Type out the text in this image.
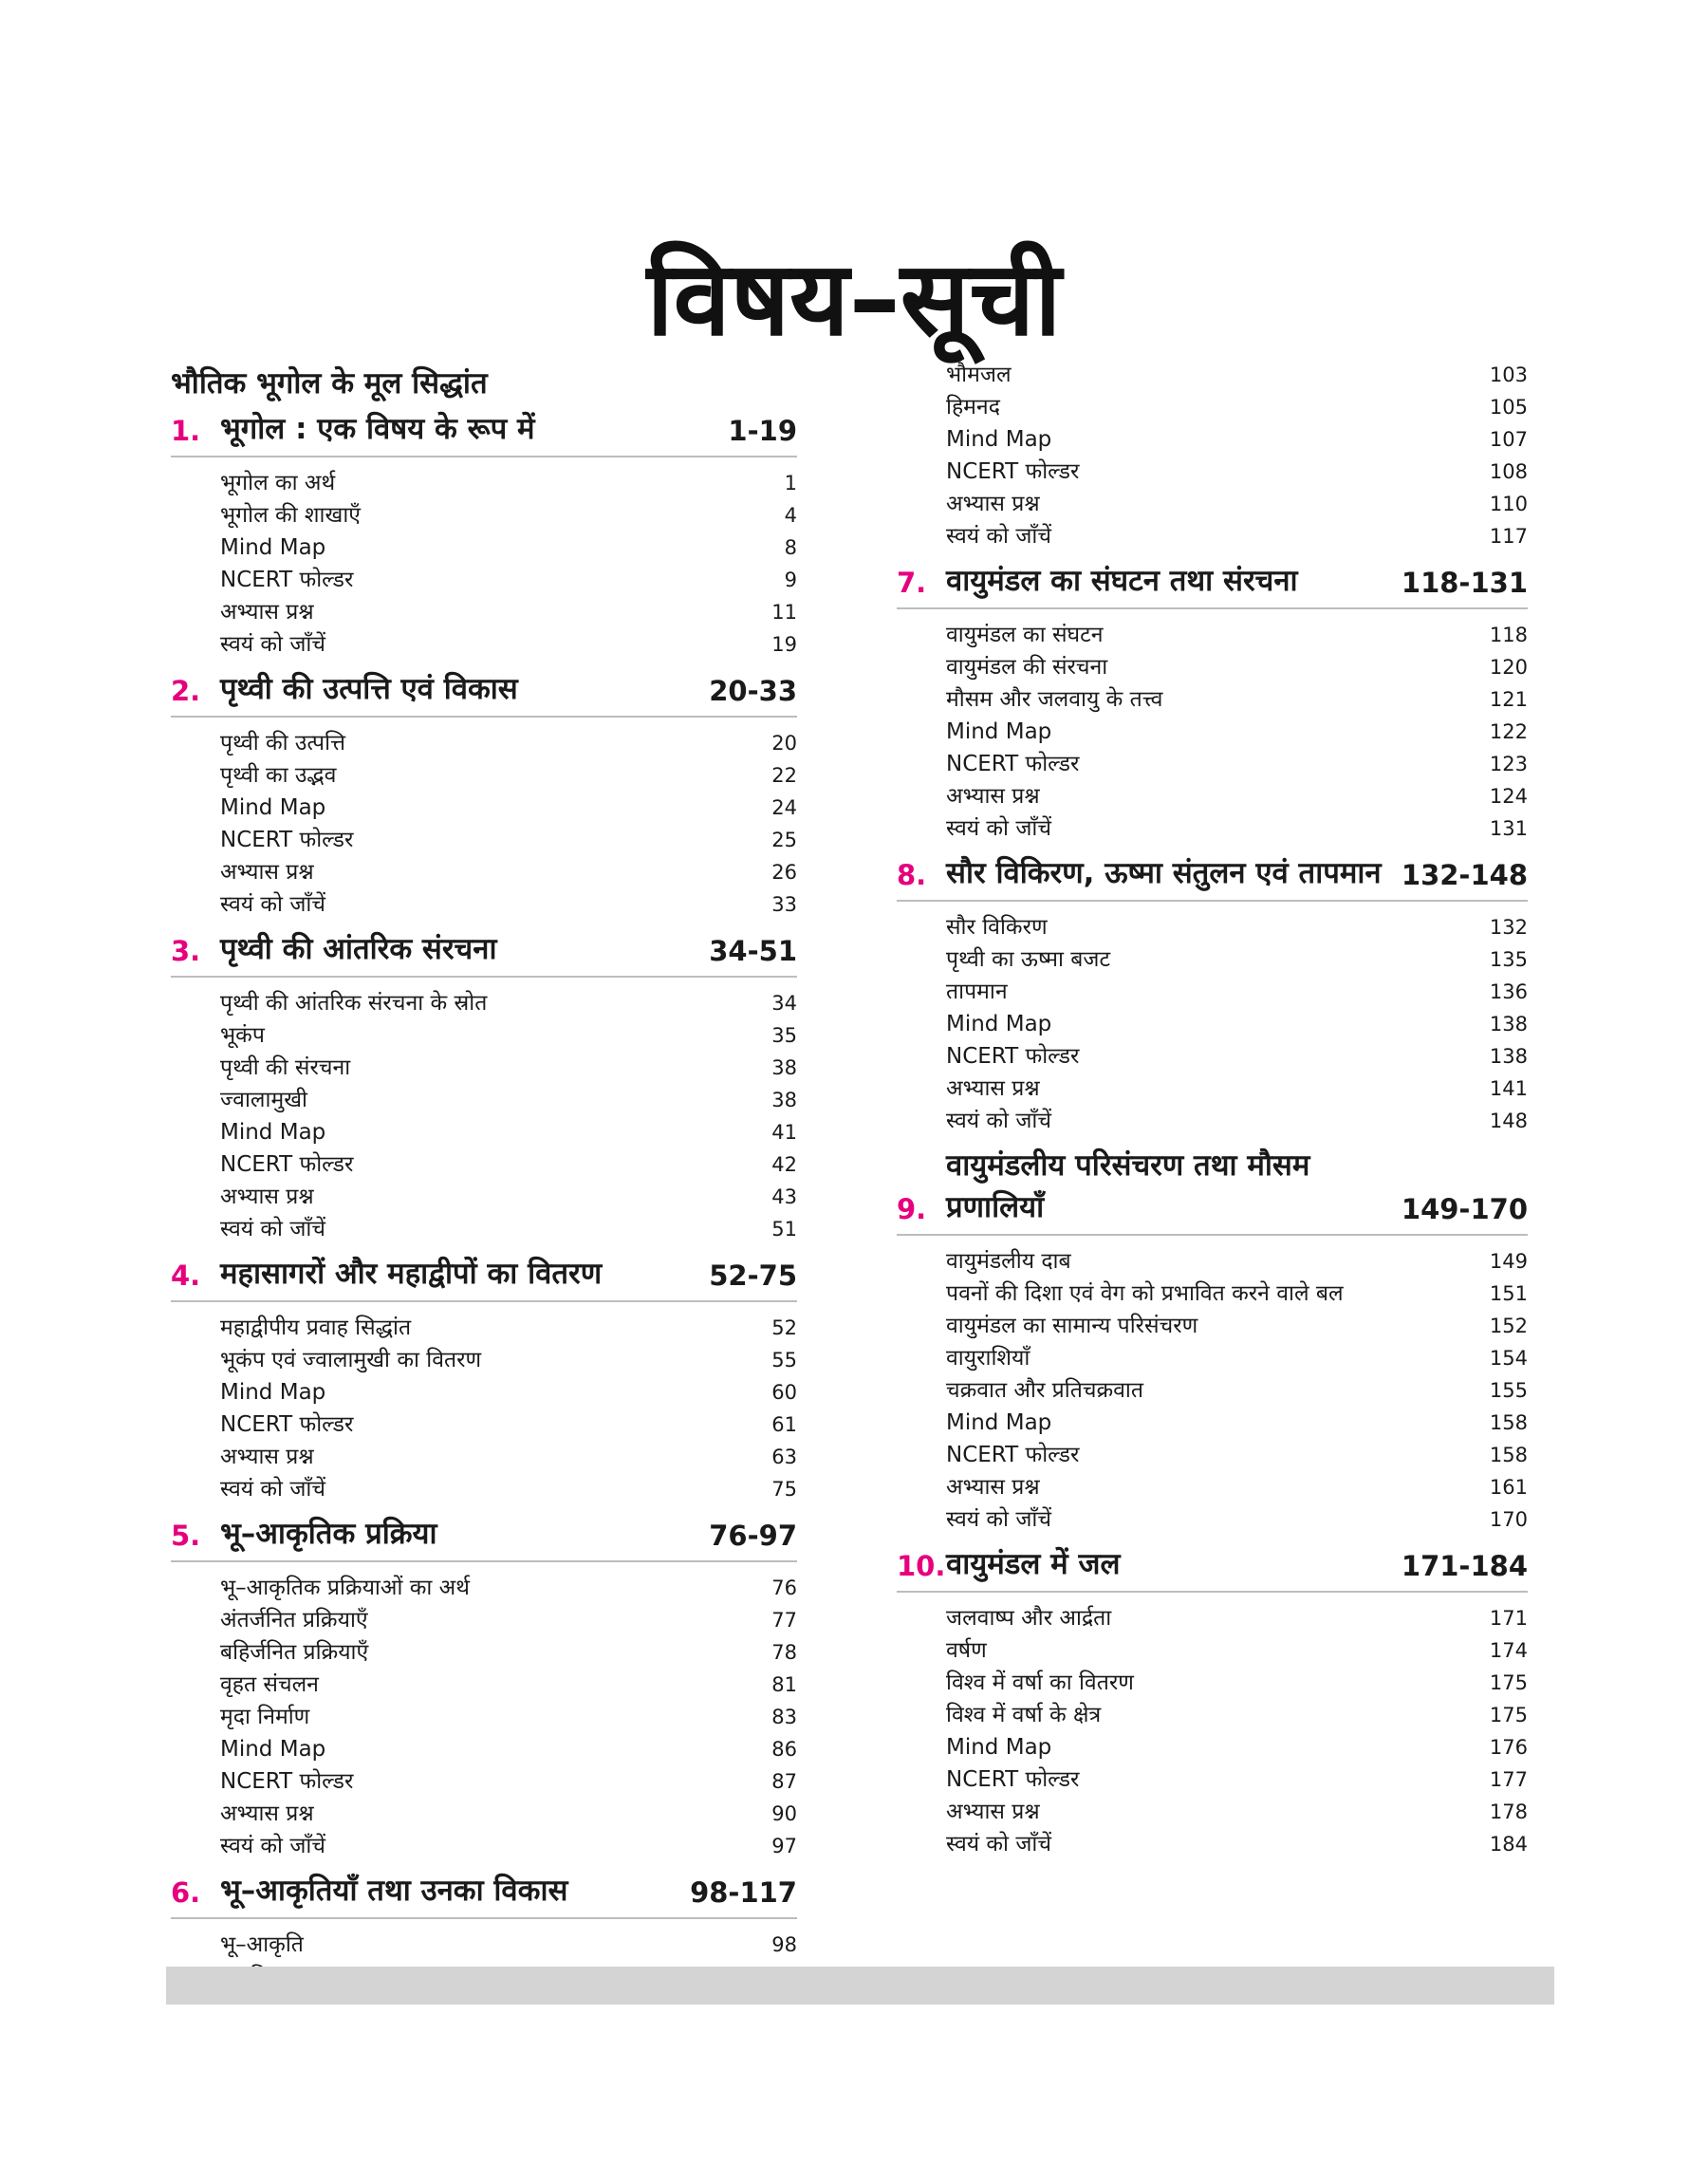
विषय–सूची
भौतिक भूगोल के मूल सिद्धांत
1. भूगोल : एक विषय के रूप में	1-19
भूगोल का अर्थ	1
भूगोल की शाखाएँ	4
Mind Map	8
NCERT फोल्डर	9
अभ्यास प्रश्न	11
स्वयं को जाँचें	19
2. पृथ्वी की उत्पत्ति एवं विकास	20-33
पृथ्वी की उत्पत्ति	20
पृथ्वी का उद्भव	22
Mind Map	24
NCERT फोल्डर	25
अभ्यास प्रश्न	26
स्वयं को जाँचें	33
3. पृथ्वी की आंतरिक संरचना	34-51
पृथ्वी की आंतरिक संरचना के स्रोत	34
भूकंप	35
पृथ्वी की संरचना	38
ज्वालामुखी	38
Mind Map	41
NCERT फोल्डर	42
अभ्यास प्रश्न	43
स्वयं को जाँचें	51
4. महासागरों और महाद्वीपों का वितरण	52-75
महाद्वीपीय प्रवाह सिद्धांत	52
भूकंप एवं ज्वालामुखी का वितरण	55
Mind Map	60
NCERT फोल्डर	61
अभ्यास प्रश्न	63
स्वयं को जाँचें	75
5. भू–आकृतिक प्रक्रिया	76-97
भू–आकृतिक प्रक्रियाओं का अर्थ	76
अंतर्जनित प्रक्रियाएँ	77
बहिर्जनित प्रक्रियाएँ	78
वृहत संचलन	81
मृदा निर्माण	83
Mind Map	86
NCERT फोल्डर	87
अभ्यास प्रश्न	90
स्वयं को जाँचें	97
6. भू–आकृतियाँ तथा उनका विकास	98-117
भू–आकृति	98
भौमजल	103
हिमनद	105
Mind Map	107
NCERT फोल्डर	108
अभ्यास प्रश्न	110
स्वयं को जाँचें	117
7. वायुमंडल का संघटन तथा संरचना	118-131
वायुमंडल का संघटन	118
वायुमंडल की संरचना	120
मौसम और जलवायु के तत्त्व	121
Mind Map	122
NCERT फोल्डर	123
अभ्यास प्रश्न	124
स्वयं को जाँचें	131
8. सौर विकिरण, ऊष्मा संतुलन एवं तापमान 132-148
सौर विकिरण	132
पृथ्वी का ऊष्मा बजट	135
तापमान	136
Mind Map	138
NCERT फोल्डर	138
अभ्यास प्रश्न	141
स्वयं को जाँचें	148
9.
वायुमंडलीय परिसंचरण तथा मौसम प्रणालियाँ	149-170
वायुमंडलीय दाब	149
पवनों की दिशा एवं वेग को प्रभावित करने वाले बल	151
वायुमंडल का सामान्य परिसंचरण	152
वायुराशियाँ	154
चक्रवात और प्रतिचक्रवात	155
Mind Map	158
NCERT फोल्डर	158
अभ्यास प्रश्न	161
स्वयं को जाँचें	170
10. वायुमंडल में जल	171-184
जलवाष्प और आर्द्रता	171
वर्षण	174
विश्व में वर्षा का वितरण	175
विश्व में वर्षा के क्षेत्र	175
Mind Map	176
NCERT फोल्डर	177
अभ्यास प्रश्न	178
स्वयं को जाँचें	184
